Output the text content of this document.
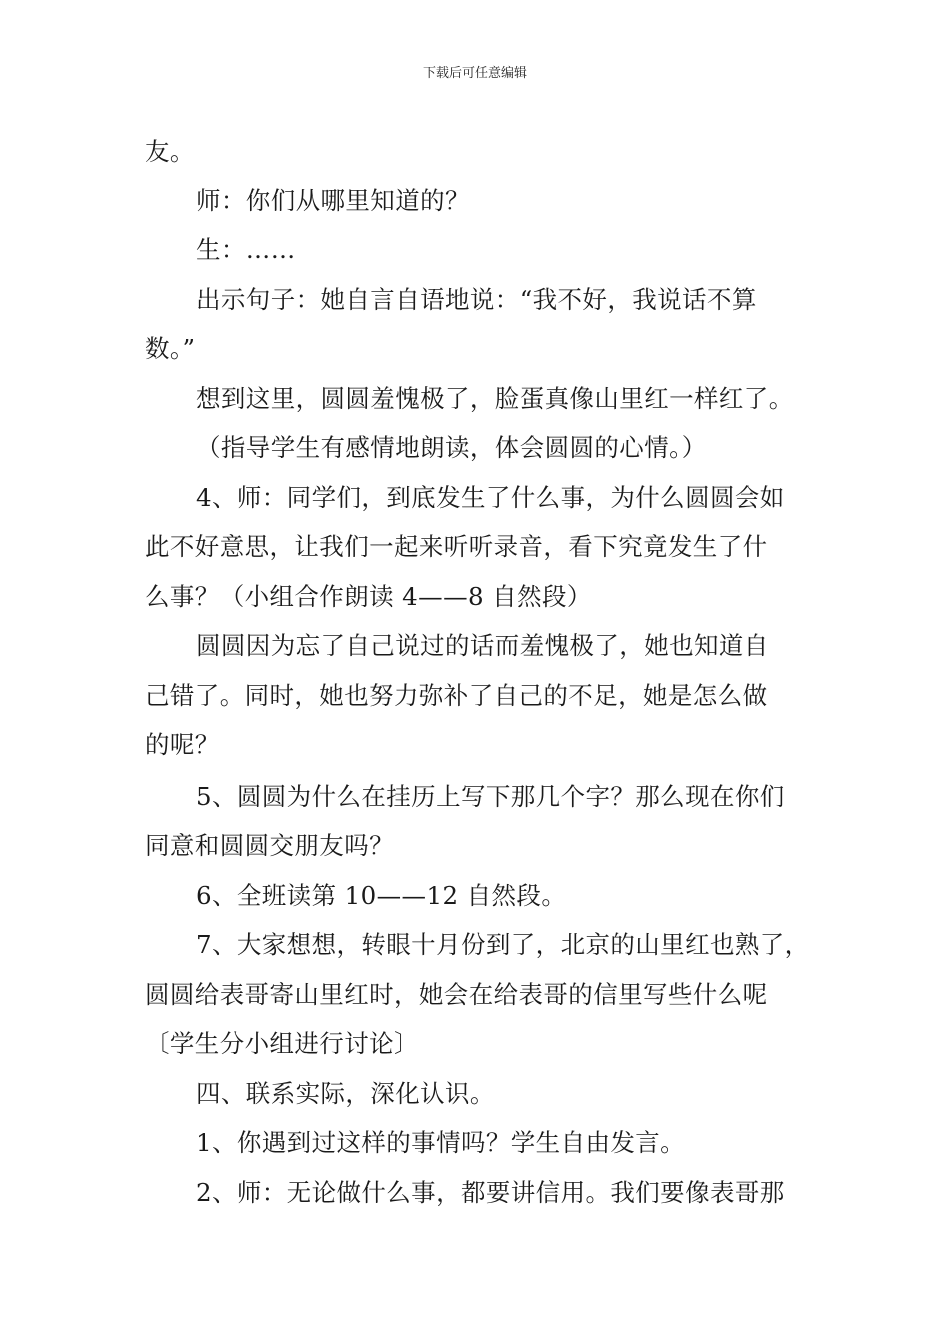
下载后可任意编辑
友。
师：你们从哪里知道的？
生：……
出示句子：她自言自语地说：“我不好，我说话不算
数。”
想到这里，圆圆羞愧极了，脸蛋真像山里红一样红了。
（指导学生有感情地朗读，体会圆圆的心情。）
4、师：同学们，到底发生了什么事，为什么圆圆会如
此不好意思，让我们一起来听听录音，看下究竟发生了什
么事？（小组合作朗读 4——8 自然段）
圆圆因为忘了自己说过的话而羞愧极了，她也知道自
己错了。同时，她也努力弥补了自己的不足，她是怎么做
的呢？
5、圆圆为什么在挂历上写下那几个字？那么现在你们
同意和圆圆交朋友吗？
6、全班读第 10——12 自然段。
7、大家想想，转眼十月份到了，北京的山里红也熟了，
圆圆给表哥寄山里红时，她会在给表哥的信里写些什么呢
〔学生分小组进行讨论〕
四、联系实际，深化认识。
1、你遇到过这样的事情吗？学生自由发言。
2、师：无论做什么事，都要讲信用。我们要像表哥那
